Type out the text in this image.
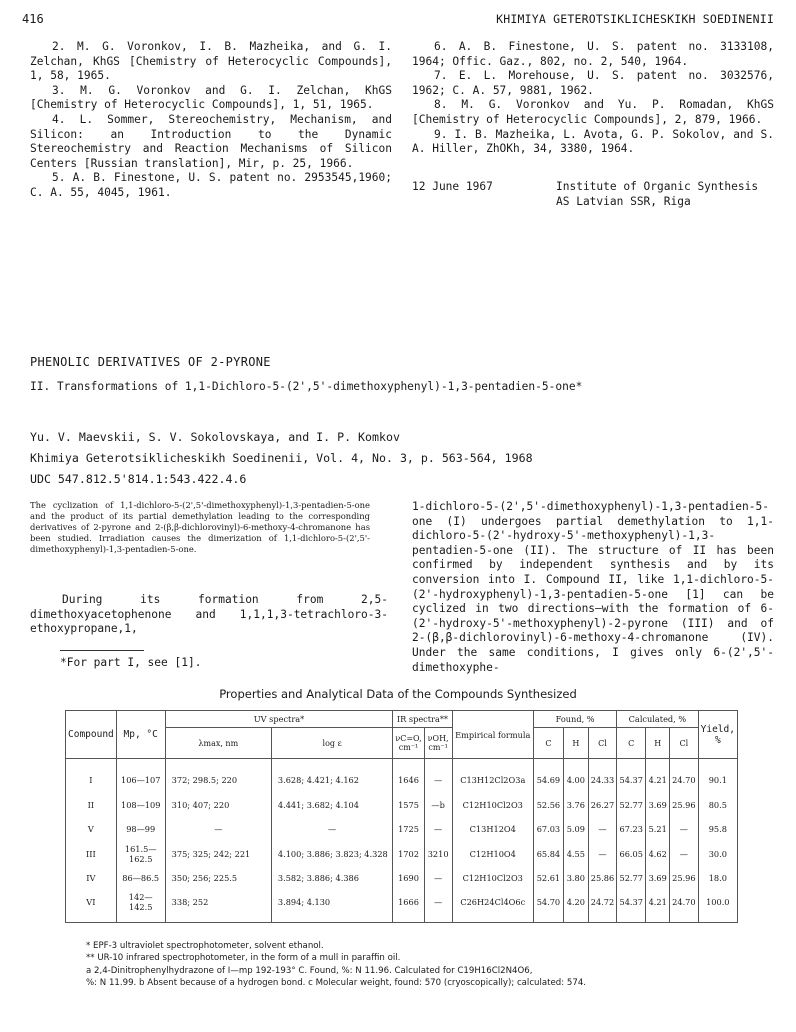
416	KHIMIYA GETEROTSIKLICHESKIKH SOEDINENII

2. M. G. Voronkov, I. B. Mazheika, and G. I. Zelchan, KhGS [Chemistry of Heterocyclic Compounds], 1, 58, 1965.

3. M. G. Voronkov and G. I. Zelchan, KhGS [Chemistry of Heterocyclic Compounds], 1, 51, 1965.

4. L. Sommer, Stereochemistry, Mechanism, and Silicon: an Introduction to the Dynamic Stereochemistry and Reaction Mechanisms of Silicon Centers [Russian translation], Mir, p. 25, 1966.

5. A. B. Finestone, U. S. patent no. 2953545,1960; C. A. 55, 4045, 1961.

6. A. B. Finestone, U. S. patent no. 3133108, 1964; Offic. Gaz., 802, no. 2, 540, 1964.

7. E. L. Morehouse, U. S. patent no. 3032576, 1962; C. A. 57, 9881, 1962.

8. M. G. Voronkov and Yu. P. Romadan, KhGS [Chemistry of Heterocyclic Compounds], 2, 879, 1966.

9. I. B. Mazheika, L. Avota, G. P. Sokolov, and S. A. Hiller, ZhOKh, 34, 3380, 1964.

12 June 1967	Institute of Organic Synthesis
AS Latvian SSR, Riga
PHENOLIC DERIVATIVES OF 2-PYRONE
II. Transformations of 1,1-Dichloro-5-(2',5'-dimethoxyphenyl)-1,3-pentadien-5-one*
Yu. V. Maevskii, S. V. Sokolovskaya, and I. P. Komkov
Khimiya Geterotsiklicheskikh Soedinenii, Vol. 4, No. 3, p. 563-564, 1968
UDC 547.812.5'814.1:543.422.4.6
The cyclization of 1,1-dichloro-5-(2',5'-dimethoxyphenyl)-1,3-pentadien-5-one and the product of its partial demethylation leading to the corresponding derivatives of 2-pyrone and 2-(β,β-dichlorovinyl)-6-methoxy-4-chromanone has been studied. Irradiation causes the dimerization of 1,1-dichloro-5-(2',5'-dimethoxyphenyl)-1,3-pentadien-5-one.
During its formation from 2,5-dimethoxyacetophenone and 1,1,1,3-tetrachloro-3-ethoxypropane,1,
*For part I, see [1].
1-dichloro-5-(2',5'-dimethoxyphenyl)-1,3-pentadien-5-one (I) undergoes partial demethylation to 1,1-dichloro-5-(2'-hydroxy-5'-methoxyphenyl)-1,3-pentadien-5-one (II). The structure of II has been confirmed by independent synthesis and by its conversion into I. Compound II, like 1,1-dichloro-5-(2'-hydroxyphenyl)-1,3-pentadien-5-one [1] can be cyclized in two directions—with the formation of 6-(2'-hydroxy-5'-methoxyphenyl)-2-pyrone (III) and of 2-(β,β-dichlorovinyl)-6-methoxy-4-chromanone (IV). Under the same conditions, I gives only 6-(2',5'-dimethoxyphe-
Properties and Analytical Data of the Compounds Synthesized
Compound	Mp, °C	UV spectra*		IR spectra**		Empirical formula	Found, %			Calculated, %			Yield, %
		λmax, nm	log ε	νC=O, cm⁻¹	νOH, cm⁻¹		C	H	Cl	C	H	Cl	
I	106—107	372; 298.5; 220	3.628; 4.421; 4.162	1646	—	C13H12Cl2O3a	54.69	4.00	24.33	54.37	4.21	24.70	90.1
II	108—109	310; 407; 220	4.441; 3.682; 4.104	1575	—b	C12H10Cl2O3	52.56	3.76	26.27	52.77	3.69	25.96	80.5
V	98—99	—	—	1725	—	C13H12O4	67.03	5.09	—	67.23	5.21	—	95.8
III	161.5—162.5	375; 325; 242; 221	4.100; 3.886; 3.823; 4.328	1702	3210	C12H10O4	65.84	4.55	—	66.05	4.62	—	30.0
IV	86—86.5	350; 256; 225.5	3.582; 3.886; 4.386	1690	—	C12H10Cl2O3	52.61	3.80	25.86	52.77	3.69	25.96	18.0
VI	142—142.5	338; 252	3.894; 4.130	1666	—	C26H24Cl4O6c	54.70	4.20	24.72	54.37	4.21	24.70	100.0

* EPF-3 ultraviolet spectrophotometer, solvent ethanol.

** UR-10 infrared spectrophotometer, in the form of a mull in paraffin oil.

a 2,4-Dinitrophenylhydrazone of I—mp 192-193° C. Found, %: N 11.96. Calculated for C19H16Cl2N4O6,

%: N 11.99. b Absent because of a hydrogen bond. c Molecular weight, found: 570 (cryoscopically); calculated: 574.
